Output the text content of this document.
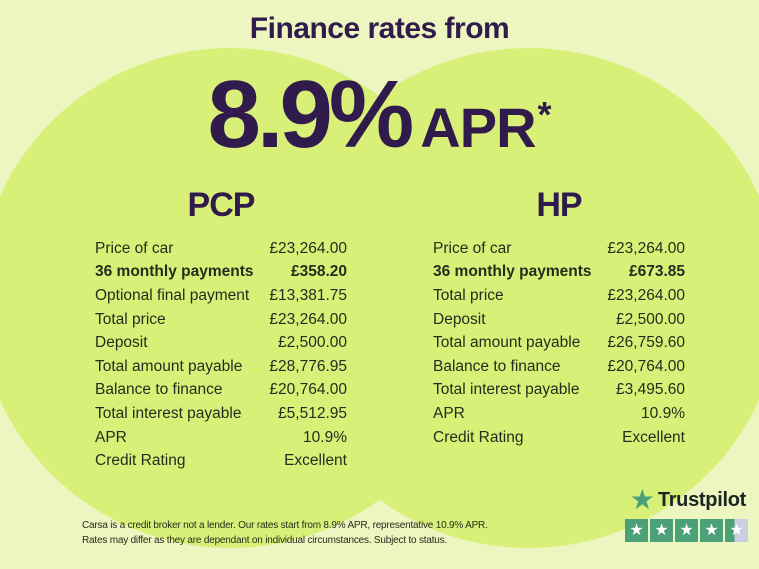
Finance rates from
8.9% APR *
PCP
Price of car	£23,264.00
36 monthly payments £358.20
Optional final payment £13,381.75
Total price	£23,264.00
Deposit	£2,500.00
Total amount payable £28,776.95
Balance to finance	£20,764.00
Total interest payable £5,512.95
APR	10.9%
Credit Rating	Excellent
HP
Price of car	£23,264.00
36 monthly payments £673.85
Total price	£23,264.00
Deposit	£2,500.00
Total amount payable £26,759.60
Balance to finance	£20,764.00
Total interest payable £3,495.60
APR	10.9%
Credit Rating	Excellent

Carsa is a credit broker not a lender. Our rates start from 8.9% APR, representative 10.9% APR.
Rates may differ as they are dependant on individual circumstances. Subject to status.

★ Trustpilot
★ ★ ★ ★ ★
